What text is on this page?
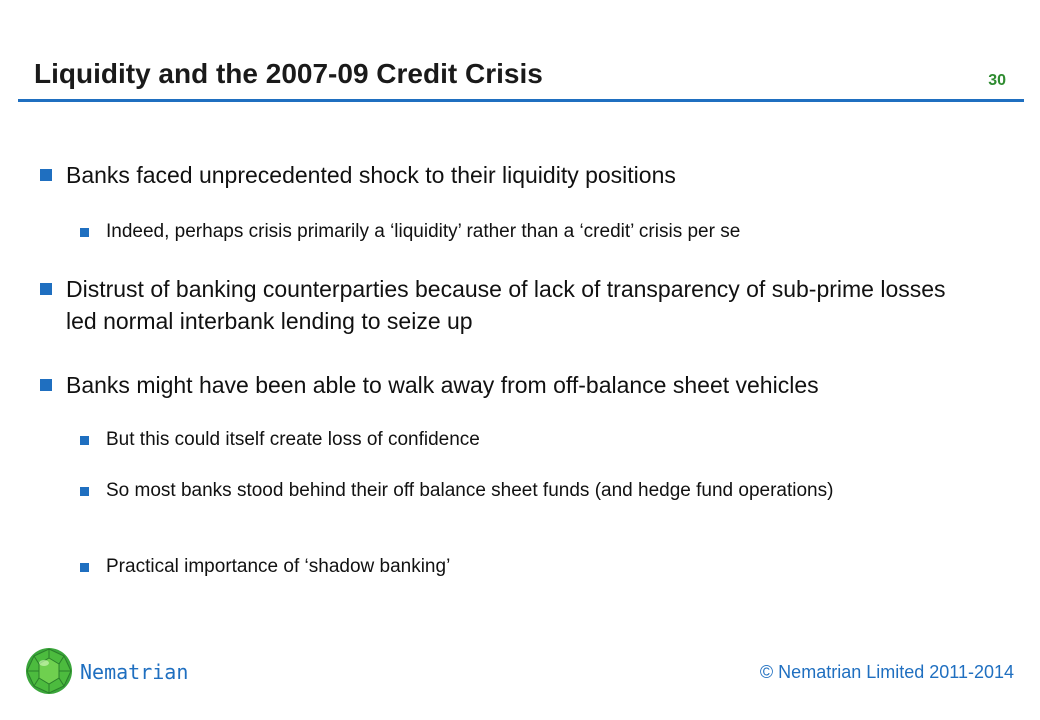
Liquidity and the 2007-09 Credit Crisis	30
Banks faced unprecedented shock to their liquidity positions
Indeed, perhaps crisis primarily a ‘liquidity’ rather than a ‘credit’ crisis per se
Distrust of banking counterparties because of lack of transparency of sub-prime losses led normal interbank lending to seize up
Banks might have been able to walk away from off-balance sheet vehicles
But this could itself create loss of confidence
So most banks stood behind their off balance sheet funds (and hedge fund operations)
Practical importance of ‘shadow banking’
Nematrian	© Nematrian Limited 2011-2014
